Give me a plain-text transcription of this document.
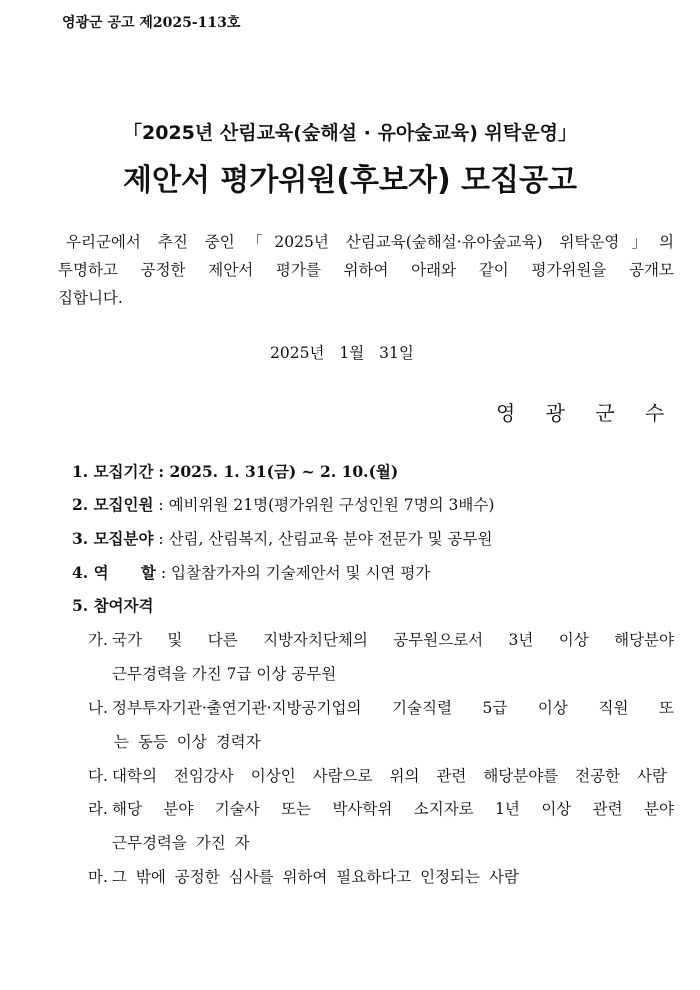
영광군 공고 제2025-113호
「2025년 산림교육(숲해설 · 유아숲교육) 위탁운영」
제안서 평가위원(후보자) 모집공고
우리군에서 추진 중인「2025년 산림교육(숲해설·유아숲교육) 위탁운영」의
투명하고 공정한 제안서 평가를 위하여 아래와 같이 평가위원을 공개모
집합니다.
2025년 1월 31일
영 광 군 수
1. 모집기간 : 2025. 1. 31(금) ~ 2. 10.(월)
2. 모집인원 : 예비위원 21명(평가위원 구성인원 7명의 3배수)
3. 모집분야 : 산림, 산림복지, 산림교육 분야 전문가 및 공무원
4. 역      할 : 입찰참가자의 기술제안서 및 시연 평가
5. 참여자격
가. 국가 및 다른 지방자치단체의 공무원으로서 3년 이상 해당분야
근무경력을 가진 7급 이상 공무원
나. 정부투자기관·출연기관·지방공기업의 기술직렬 5급 이상 직원 또
는 동등 이상 경력자
다. 대학의 전임강사 이상인 사람으로 위의 관련 해당분야를 전공한 사람
라. 해당 분야 기술사 또는 박사학위 소지자로 1년 이상 관련 분야
근무경력을 가진 자
마. 그 밖에 공정한 심사를 위하여 필요하다고 인정되는 사람
